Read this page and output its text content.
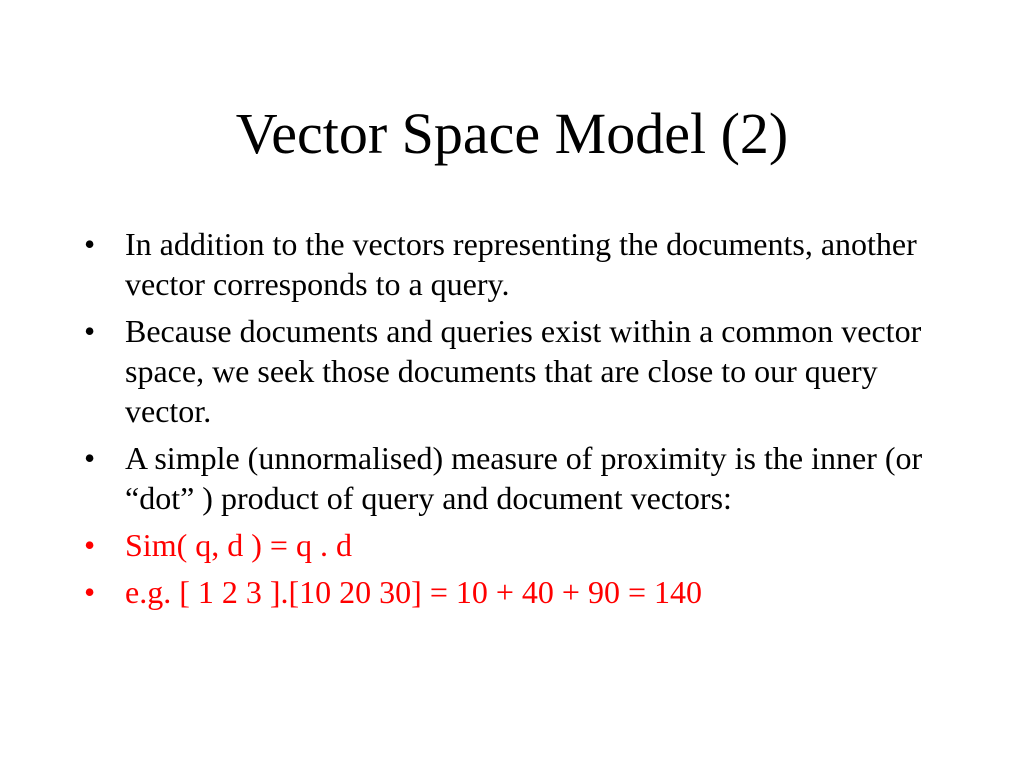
Vector Space Model (2)
• In addition to the vectors representing the documents, another vector corresponds to a query.
• Because documents and queries exist within a common vector space, we seek those documents that are close to our query vector.
• A simple (unnormalised) measure of proximity is the inner (or “dot” ) product of query and document vectors:
• Sim( q, d ) = q . d
• e.g. [ 1 2 3 ].[10 20 30] = 10 + 40 + 90 = 140
